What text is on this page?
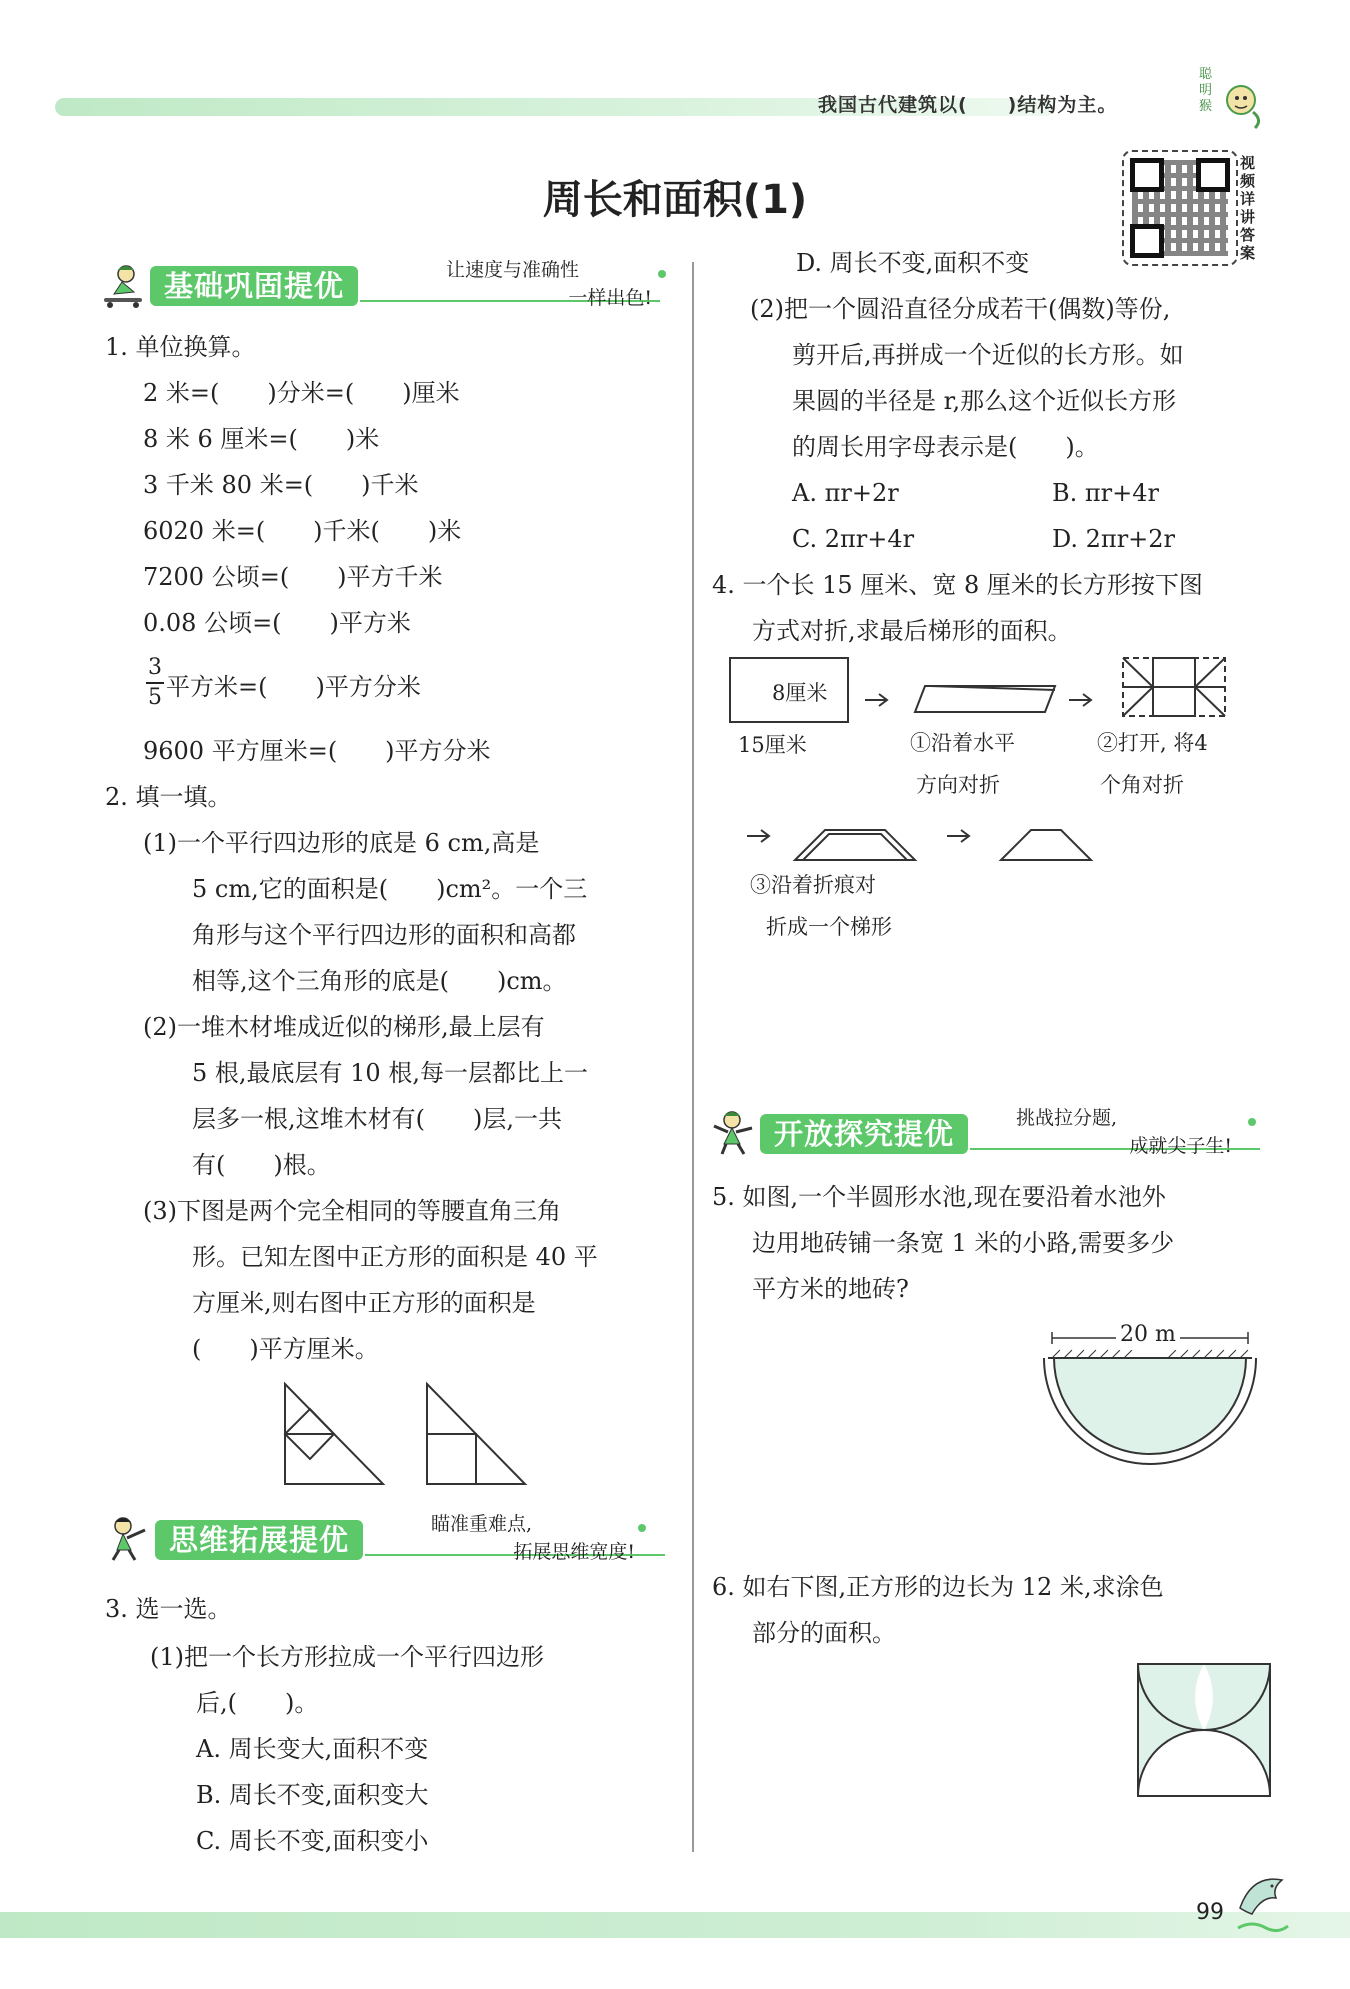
我国古代建筑以(　　)结构为主。
聪
明
猴
周长和面积(1)
视
频
详
讲
答
案
基础巩固提优	让速度与准确性
一样出色!
1. 单位换算。
2 米=(　　)分米=(　　)厘米
8 米 6 厘米=(　　)米
3 千米 80 米=(　　)千米
6020 米=(　　)千米(　　)米
7200 公顷=(　　)平方千米
0.08 公顷=(　　)平方米
3
5 平方米=(　　)平方分米
9600 平方厘米=(　　)平方分米
2. 填一填。
(1)一个平行四边形的底是 6 cm,高是
5 cm,它的面积是(　　)cm²。一个三
角形与这个平行四边形的面积和高都
相等,这个三角形的底是(　　)cm。
(2)一堆木材堆成近似的梯形,最上层有
5 根,最底层有 10 根,每一层都比上一
层多一根,这堆木材有(　　)层,一共
有(　　)根。
(3)下图是两个完全相同的等腰直角三角
形。已知左图中正方形的面积是 40 平
方厘米,则右图中正方形的面积是
(　　)平方厘米。
思维拓展提优	瞄准重难点,
拓展思维宽度!
3. 选一选。
(1)把一个长方形拉成一个平行四边形
后,(　　)。
A. 周长变大,面积不变
B. 周长不变,面积变大
C. 周长不变,面积变小
D. 周长不变,面积不变
(2)把一个圆沿直径分成若干(偶数)等份,
剪开后,再拼成一个近似的长方形。如
果圆的半径是 r,那么这个近似长方形
的周长用字母表示是(　　)。
A. πr+2r	B. πr+4r
C. 2πr+4r	D. 2πr+2r
4. 一个长 15 厘米、宽 8 厘米的长方形按下图
方式对折,求最后梯形的面积。
8厘米
15厘米	①沿着水平
方向对折
②打开, 将4
个角对折
③沿着折痕对
折成一个梯形
开放探究提优	挑战拉分题,
成就尖子生!
5. 如图,一个半圆形水池,现在要沿着水池外
边用地砖铺一条宽 1 米的小路,需要多少
平方米的地砖?
20 m
6. 如右下图,正方形的边长为 12 米,求涂色
部分的面积。
99
